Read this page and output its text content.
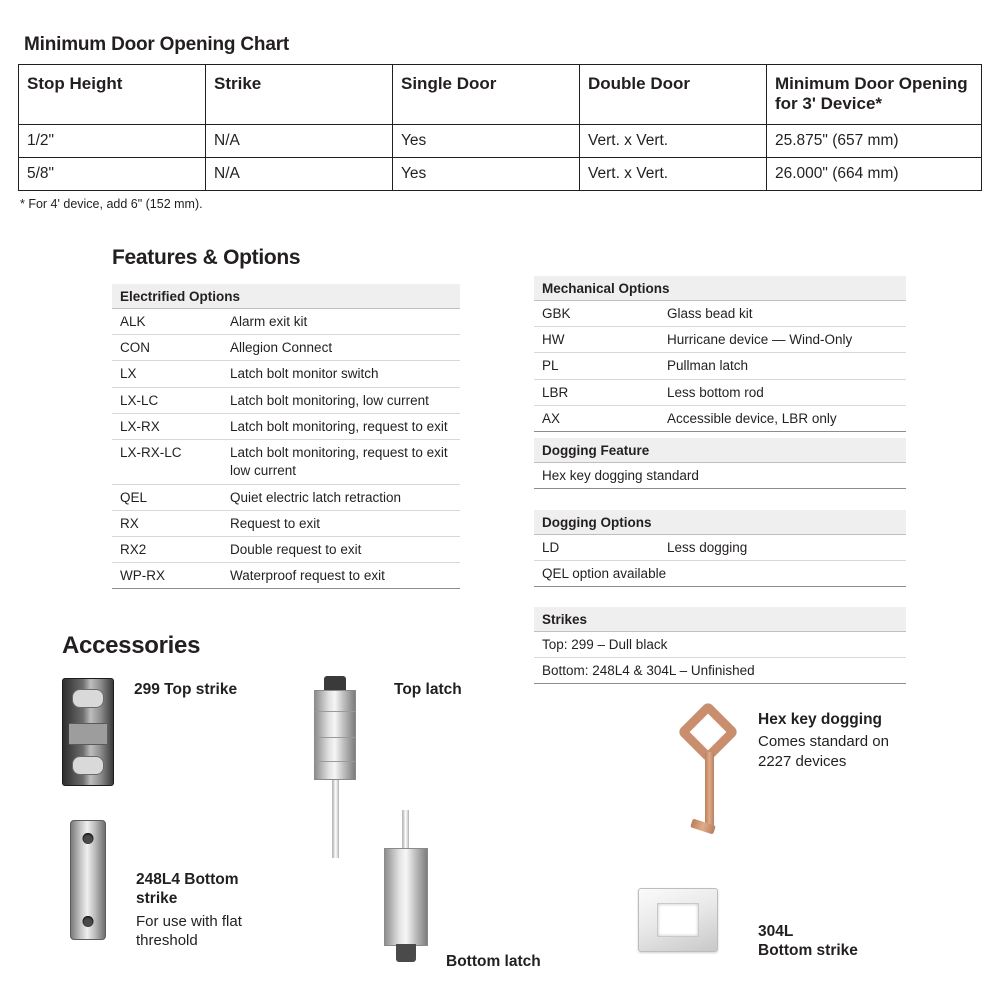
Minimum Door Opening Chart
Stop Height	Strike	Single Door	Double Door	Minimum Door Opening for 3' Device*
1/2"	N/A	Yes	Vert. x Vert.	25.875" (657 mm)
5/8"	N/A	Yes	Vert. x Vert.	26.000" (664 mm)
* For 4' device, add 6" (152 mm).
Features & Options
Electrified Options
ALK	Alarm exit kit
CON	Allegion Connect
LX	Latch bolt monitor switch
LX-LC	Latch bolt monitoring, low current
LX-RX	Latch bolt monitoring, request to exit
LX-RX-LC	Latch bolt monitoring, request to exit low current
QEL	Quiet electric latch retraction
RX	Request to exit
RX2	Double request to exit
WP-RX	Waterproof request to exit
Mechanical Options
GBK	Glass bead kit
HW	Hurricane device — Wind-Only
PL	Pullman latch
LBR	Less bottom rod
AX	Accessible device, LBR only
Dogging Feature
Hex key dogging standard
Dogging Options
LD	Less dogging
QEL option available
Strikes
Top: 299 – Dull black
Bottom: 248L4 & 304L – Unfinished
Accessories
299 Top strike
248L4 Bottom
strike
For use with flat
threshold
Top latch
Bottom latch
Hex key dogging
Comes standard on
2227 devices
304L
Bottom strike
